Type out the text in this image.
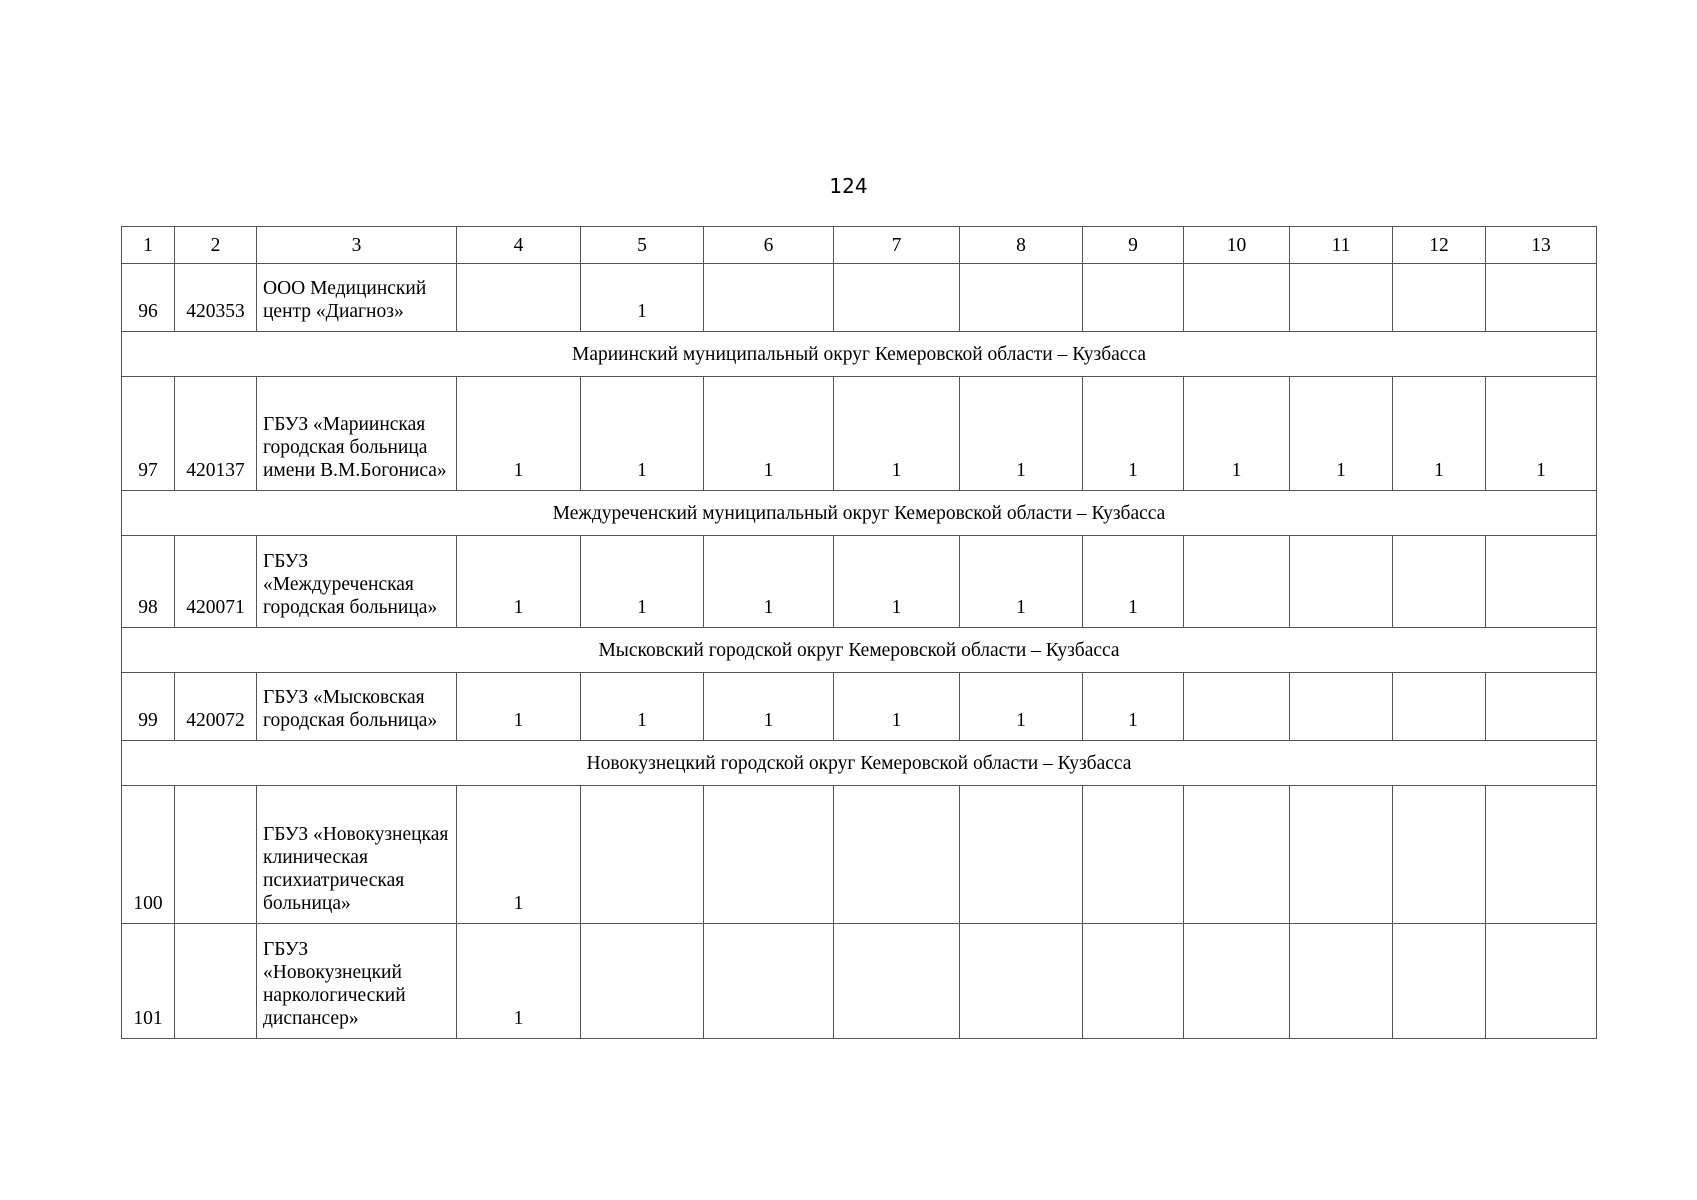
124
1	2	3	4	5	6	7	8	9	10	11	12	13
96	420353	ООО Медицинский центр «Диагноз»		1								
Мариинский муниципальный округ Кемеровской области – Кузбасса												
97	420137	ГБУЗ «Мариинская городская больница имени В.М.Богониса»	1	1	1	1	1	1	1	1	1	1
Междуреченский муниципальный округ Кемеровской области – Кузбасса												
98	420071	ГБУЗ «Междуреченская городская больница»	1	1	1	1	1	1				
Мысковский городской округ Кемеровской области – Кузбасса												
99	420072	ГБУЗ «Мысковская городская больница»	1	1	1	1	1	1				
Новокузнецкий городской округ Кемеровской области – Кузбасса												
100		ГБУЗ «Новокузнецкая клиническая психиатрическая больница»	1									
101		ГБУЗ «Новокузнецкий наркологический диспансер»	1									
